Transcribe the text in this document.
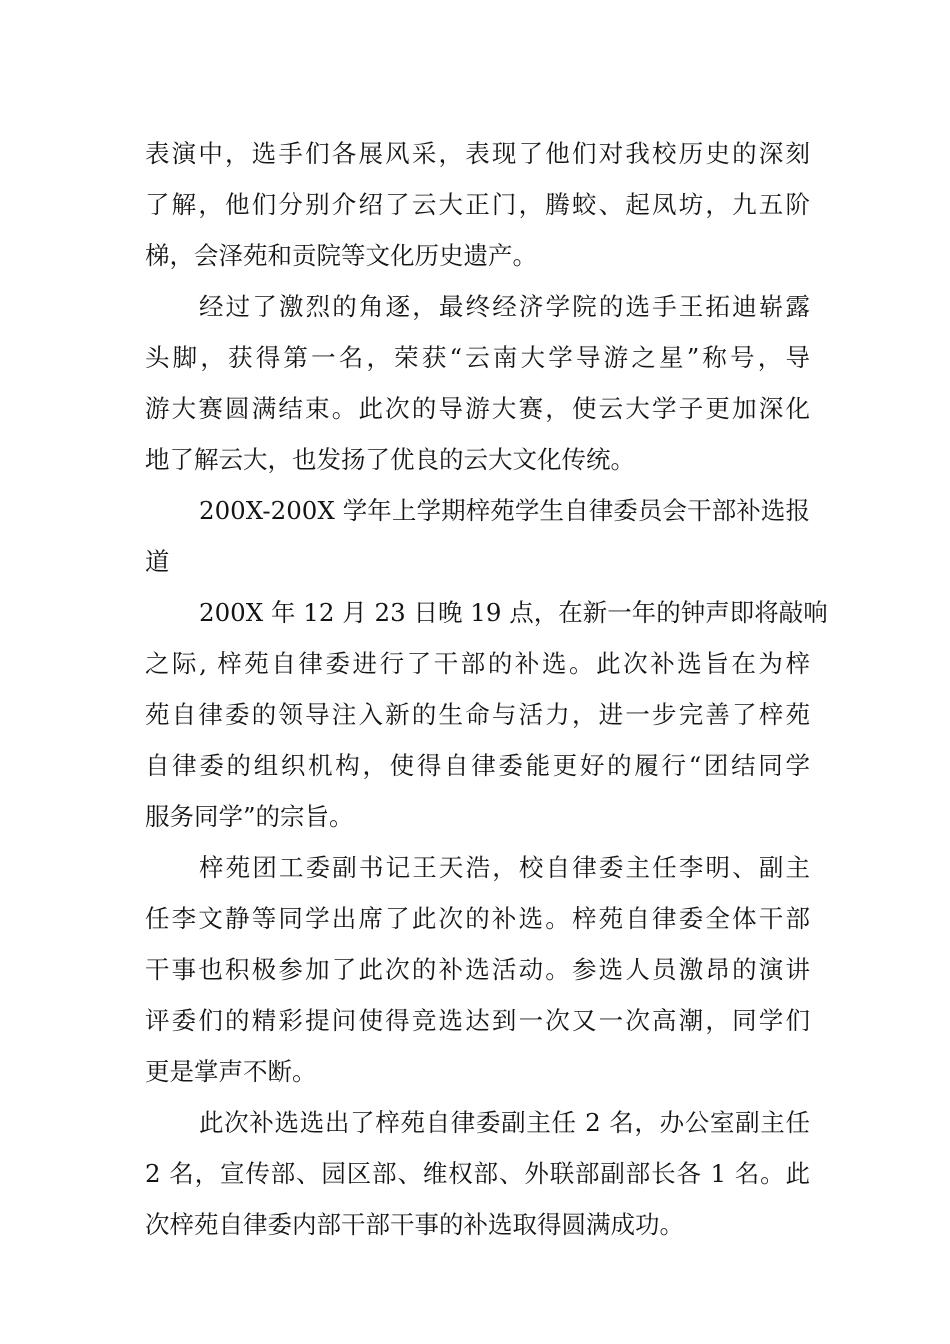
表演中，选手们各展风采，表现了他们对我校历史的深刻
了解，他们分别介绍了云大正门，腾蛟、起凤坊，九五阶
梯，会泽苑和贡院等文化历史遗产。
经过了激烈的角逐，最终经济学院的选手王拓迪崭露
头脚，获得第一名，荣获“云南大学导游之星”称号，导
游大赛圆满结束。此次的导游大赛，使云大学子更加深化
地了解云大，也发扬了优良的云大文化传统。
200X-200X 学年上学期梓苑学生自律委员会干部补选报
道
200X 年 12 月 23 日晚 19 点，在新一年的钟声即将敲响
之际, 梓苑自律委进行了干部的补选。此次补选旨在为梓
苑自律委的领导注入新的生命与活力，进一步完善了梓苑
自律委的组织机构，使得自律委能更好的履行“团结同学
服务同学”的宗旨。
梓苑团工委副书记王天浩，校自律委主任李明、副主
任李文静等同学出席了此次的补选。梓苑自律委全体干部
干事也积极参加了此次的补选活动。参选人员激昂的演讲
评委们的精彩提问使得竞选达到一次又一次高潮，同学们
更是掌声不断。
此次补选选出了梓苑自律委副主任 2 名，办公室副主任
2 名，宣传部、园区部、维权部、外联部副部长各 1 名。此
次梓苑自律委内部干部干事的补选取得圆满成功。
